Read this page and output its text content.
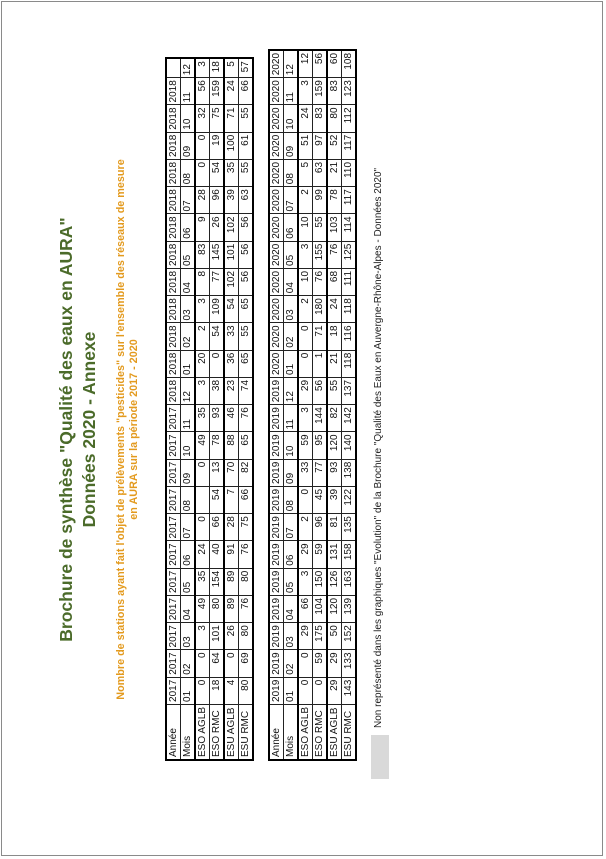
Brochure de synthèse "Qualité des eaux en AURA" Données 2020 - Annexe Nombre de stations ayant fait l'objet de prélèvements "pesticides" sur l'ensemble des réseaux de mesure en AURA sur la période 2017 - 2020
Année	2017	2017	2017	2017	2017	2017	2017	2017	2017	2017	2017	2018	2018	2018	2018	2018	2018	2018	2018	2018	2018	2018	2018	
Mois	01	02	03	04	05	06	07	08	09	10	11	12	01	02	03	04	05	06	07	08	09	10	11	12
ESO AGLB	0	0	3	49	35	24	0		0	49	35	3	20	2	3	8	83	9	28	0	0	32	56	3
ESO RMC	18	64	101	80	154	40	66	54	13	78	93	38	0	54	109	77	145	26	96	54	19	75	159	18
ESU AGLB	4	0	26	89	89	91	28	7	70	88	46	23	36	33	54	102	101	102	39	35	100	71	24	5
ESU RMC	80	69	80	76	80	76	75	66	82	65	76	74	65	55	65	56	56	56	63	55	61	55	66	57
Année	2019	2019	2019	2019	2019	2019	2019	2019	2019	2019	2019	2019	2020	2020	2020	2020	2020	2020	2020	2020	2020	2020	2020	2020
Mois	01	02	03	04	05	06	07	08	09	10	11	12	01	02	03	04	05	06	07	08	09	10	11	12
ESO AGLB	0	0	29	66	3	29	2	0	33	59	3	29	0	0	2	10	3	10	2	5	51	24	3	12
ESO RMC	0	59	175	104	150	59	96	45	77	95	144	56	1	71	180	76	155	55	99	63	97	83	159	56
ESU AGLB	29	29	50	120	126	131	81	39	93	120	82	55	21	18	24	68	76	103	78	21	52	80	83	60
ESU RMC	143	133	152	139	163	158	135	122	138	140	142	137	118	116	118	111	125	114	117	110	117	112	123	108
Non représenté dans les graphiques "Evolution" de la Brochure "Qualité des Eaux en Auvergne-Rhône-Alpes - Données 2020"
